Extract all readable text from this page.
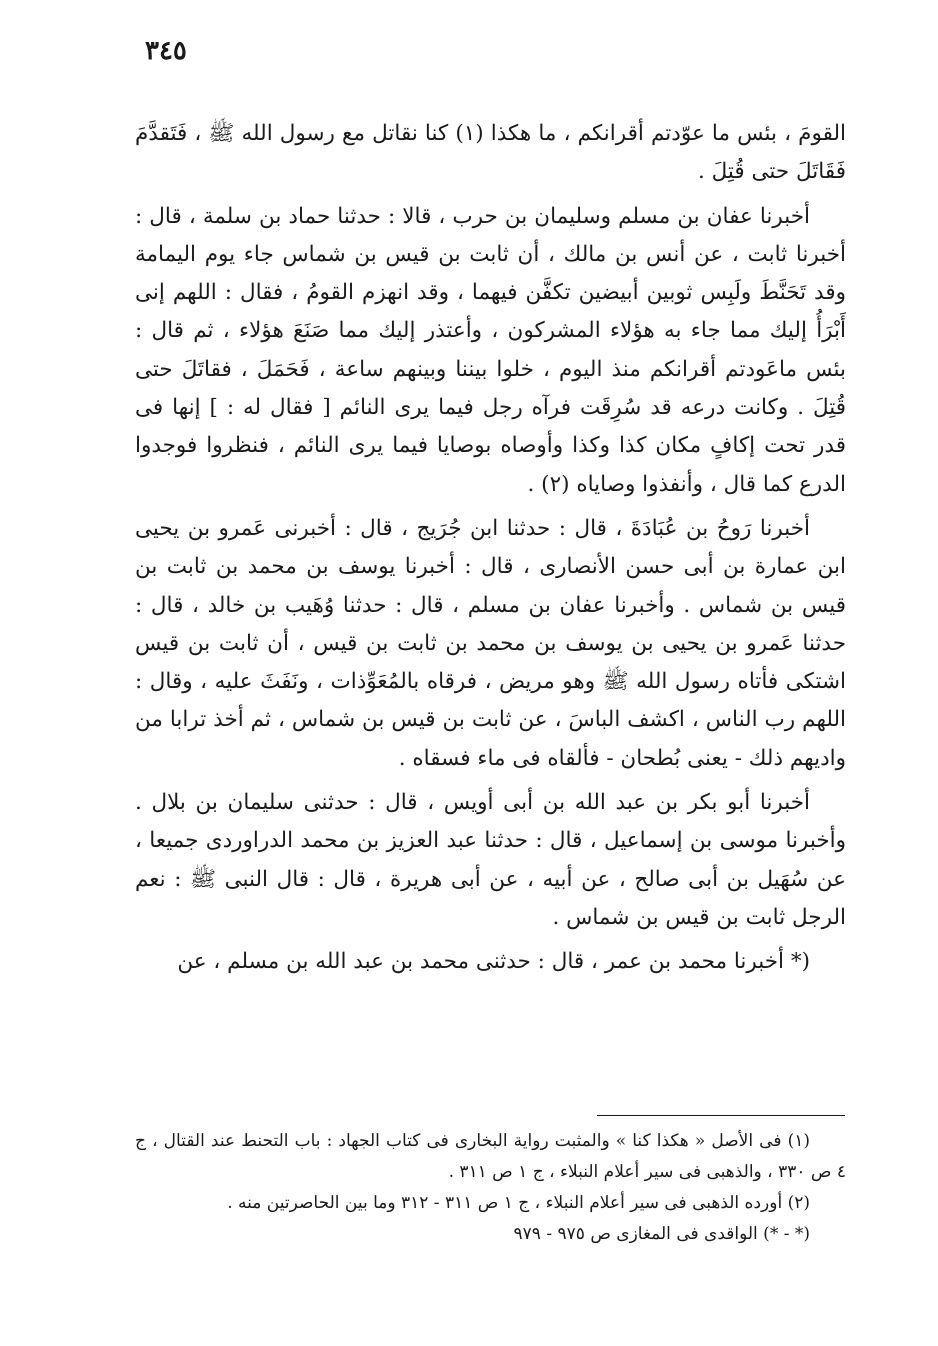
٣٤٥

القومَ ، بئس ما عوّدتم أقرانكم ، ما هكذا (١) كنا نقاتل مع رسول الله ﷺ ، فَتَقدَّمَ فَقَاتَلَ حتى قُتِلَ .

أخبرنا عفان بن مسلم وسليمان بن حرب ، قالا : حدثنا حماد بن سلمة ، قال : أخبرنا ثابت ، عن أنس بن مالك ، أن ثابت بن قيس بن شماس جاء يوم اليمامة وقد تَحَنَّطَ ولَبِس ثوبين أبيضين تكفَّن فيهما ، وقد انهزم القومُ ، فقال : اللهم إنى أَبْرَأُ إليك مما جاء به هؤلاء المشركون ، وأعتذر إليك مما صَنَعَ هؤلاء ، ثم قال : بئس ماعَودتم أقرانكم منذ اليوم ، خلوا بيننا وبينهم ساعة ، فَحَمَلَ ، فقاتَلَ حتى قُتِلَ . وكانت درعه قد سُرِقَت فرآه رجل فيما يرى النائم [ فقال له : ] إنها فى قدر تحت إكافٍ مكان كذا وكذا وأوصاه بوصايا فيما يرى النائم ، فنظروا فوجدوا الدرع كما قال ، وأنفذوا وصاياه (٢) .

أخبرنا رَوحُ بن عُبَادَةَ ، قال : حدثنا ابن جُرَيج ، قال : أخبرنى عَمرو بن يحيى ابن عمارة بن أبى حسن الأنصارى ، قال : أخبرنا يوسف بن محمد بن ثابت بن قيس بن شماس . وأخبرنا عفان بن مسلم ، قال : حدثنا وُهَيب بن خالد ، قال : حدثنا عَمرو بن يحيى بن يوسف بن محمد بن ثابت بن قيس ، أن ثابت بن قيس اشتكى فأتاه رسول الله ﷺ وهو مريض ، فرقاه بالمُعَوِّذات ، ونَفَثَ عليه ، وقال : اللهم رب الناس ، اكشف الباسَ ، عن ثابت بن قيس بن شماس ، ثم أخذ ترابا من واديهم ذلك - يعنى بُطحان - فألقاه فى ماء فسقاه .

أخبرنا أبو بكر بن عبد الله بن أبى أويس ، قال : حدثنى سليمان بن بلال . وأخبرنا موسى بن إسماعيل ، قال : حدثنا عبد العزيز بن محمد الدراوردى جميعا ، عن سُهَيل بن أبى صالح ، عن أبيه ، عن أبى هريرة ، قال : قال النبى ﷺ : نعم الرجل ثابت بن قيس بن شماس .

(* أخبرنا محمد بن عمر ، قال : حدثنى محمد بن عبد الله بن مسلم ، عن

(١) فى الأصل « هكذا كنا » والمثبت رواية البخارى فى كتاب الجهاد : باب التحنط عند القتال ، ج ٤ ص ٣٣٠ ، والذهبى فى سير أعلام النبلاء ، ج ١ ص ٣١١ .

(٢) أورده الذهبى فى سير أعلام النبلاء ، ج ١ ص ٣١١ - ٣١٢ وما بين الحاصرتين منه .

(* - *) الواقدى فى المغازى ص ٩٧٥ - ٩٧٩
